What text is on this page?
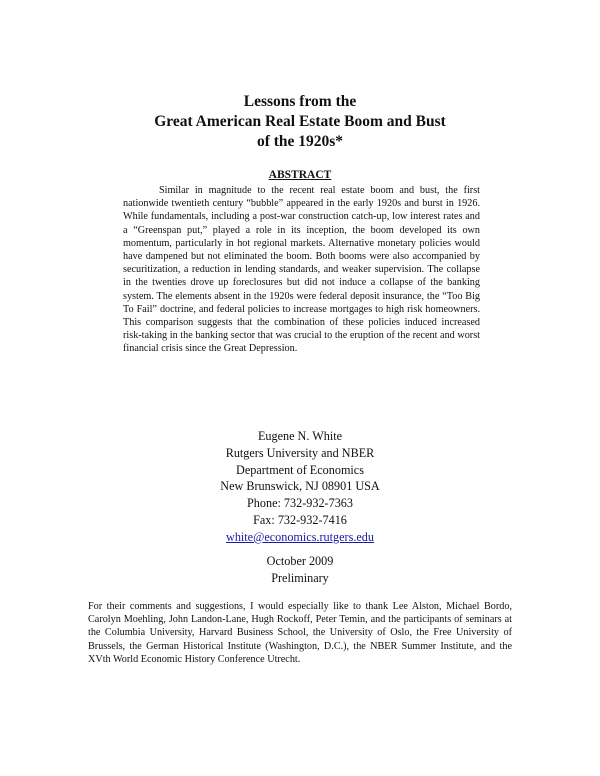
Lessons from the
Great American Real Estate Boom and Bust
of the 1920s*
ABSTRACT

Similar in magnitude to the recent real estate boom and bust, the first nationwide twentieth century “bubble” appeared in the early 1920s and burst in 1926. While fundamentals, including a post-war construction catch-up, low interest rates and a “Greenspan put,” played a role in its inception, the boom developed its own momentum, particularly in hot regional markets. Alternative monetary policies would have dampened but not eliminated the boom. Both booms were also accompanied by securitization, a reduction in lending standards, and weaker supervision. The collapse in the twenties drove up foreclosures but did not induce a collapse of the banking system. The elements absent in the 1920s were federal deposit insurance, the “Too Big To Fail” doctrine, and federal policies to increase mortgages to high risk homeowners. This comparison suggests that the combination of these policies induced increased risk-taking in the banking sector that was crucial to the eruption of the recent and worst financial crisis since the Great Depression.

Eugene N. White
Rutgers University and NBER
Department of Economics
New Brunswick, NJ 08901 USA
Phone: 732-932-7363
Fax: 732-932-7416
white@economics.rutgers.edu
October 2009
Preliminary

For their comments and suggestions, I would especially like to thank Lee Alston, Michael Bordo, Carolyn Moehling, John Landon-Lane, Hugh Rockoff, Peter Temin, and the participants of seminars at the Columbia University, Harvard Business School, the University of Oslo, the Free University of Brussels, the German Historical Institute (Washington, D.C.), the NBER Summer Institute, and the XVth World Economic History Conference Utrecht.
